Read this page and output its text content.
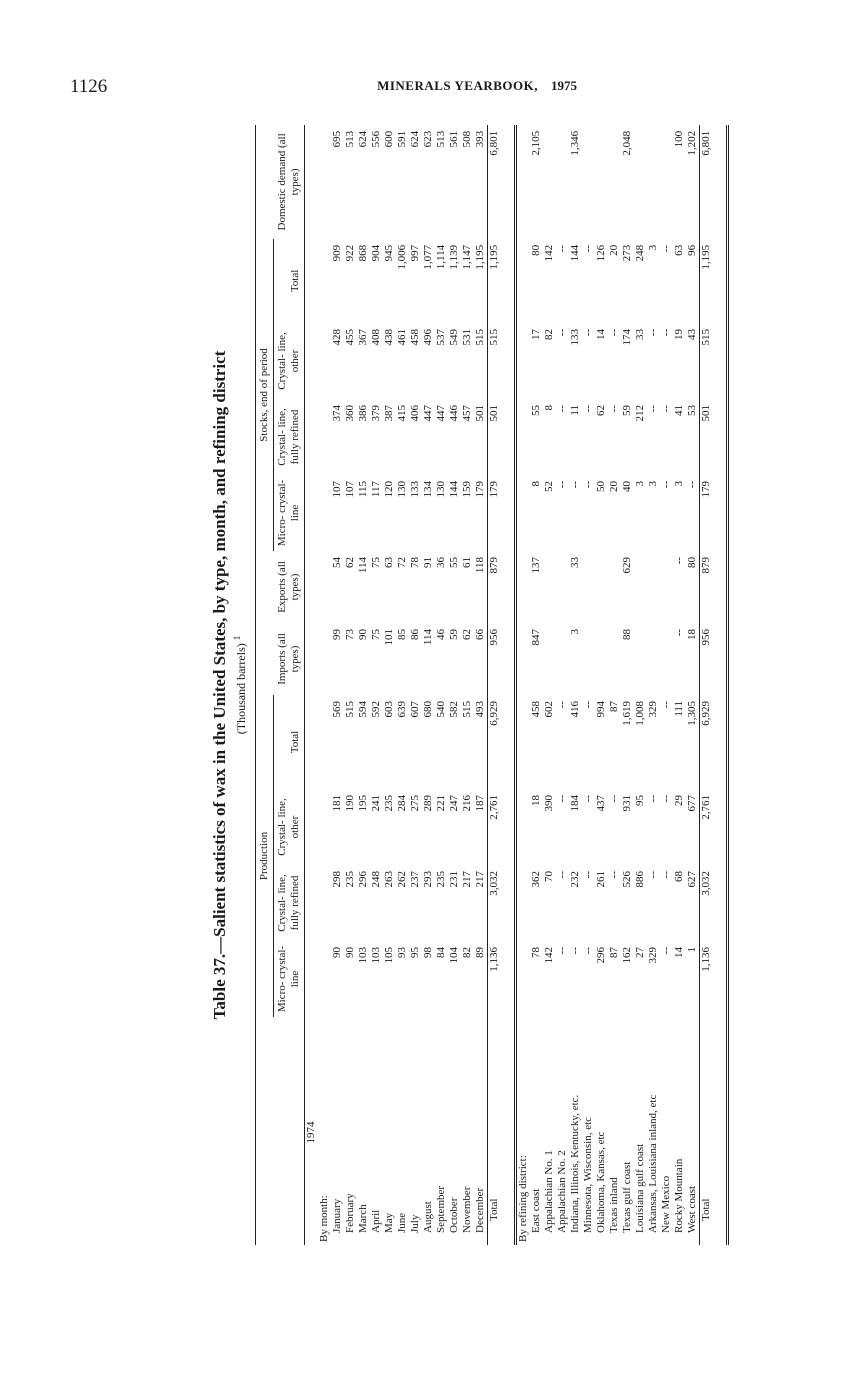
1126	MINERALS YEARBOOK, 1975
Table 37.—Salient statistics of wax in the United States, by type, month, and refining district (Thousand barrels) $^1$
	Production						Stocks, end of period				
	Micro- crystal- line	Crystal- line, fully refined	Crystal- line, other	Total	Imports (all types)	Exports (all types)	Micro- crystal- line	Crystal- line, fully refined	Crystal- line, other	Total	Domestic demand (all types)
1974											
By month:											
January	90	298	181	569	99	54	107	374	428	909	695
February	90	235	190	515	73	62	107	360	455	922	513
March	103	296	195	594	90	114	115	386	367	868	624
April	103	248	241	592	75	75	117	379	408	904	556
May	105	263	235	603	101	63	120	387	438	945	600
June	93	262	284	639	85	72	130	415	461	1,006	591
July	95	237	275	607	86	78	133	406	458	997	624
August	98	293	289	680	114	91	134	447	496	1,077	623
September	84	235	221	540	46	36	130	447	537	1,114	513
October	104	231	247	582	59	55	144	446	549	1,139	561
November	82	217	216	515	62	61	159	457	531	1,147	508
December	89	217	187	493	66	118	179	501	515	1,195	393
Total	1,136	3,032	2,761	6,929	956	879	179	501	515	1,195	6,801

By refining district:											
East coast	78	362	18	458	847	137	8	55	17	80	2,105
Appalachian No. 1	142	70	390	602			52	8	82	142	
Appalachian No. 2	--	--	--	--			--	--	--	--	
Indiana, Illinois, Kentucky, etc.	--	232	184	416	3	33	--	11	133	144	1,346
Minnesota, Wisconsin, etc	--	--	--	--			--	--	--	--	
Oklahoma, Kansas, etc	296	261	437	994			50	62	14	126	
Texas inland	87	--	--	87			20	--	--	20	
Texas gulf coast	162	526	931	1,619	88	629	40	59	174	273	2,048
Louisiana gulf coast	27	886	95	1,008			3	212	33	248	
Arkansas, Louisiana inland, etc	329	--	--	329			3	--	--	3	
New Mexico	--	--	--	--			--	--	--	--	
Rocky Mountain	14	68	29	111	--	--	3	41	19	63	100
West coast	1	627	677	1,305	18	80	--	53	43	96	1,202
Total	1,136	3,032	2,761	6,929	956	879	179	501	515	1,195	6,801
